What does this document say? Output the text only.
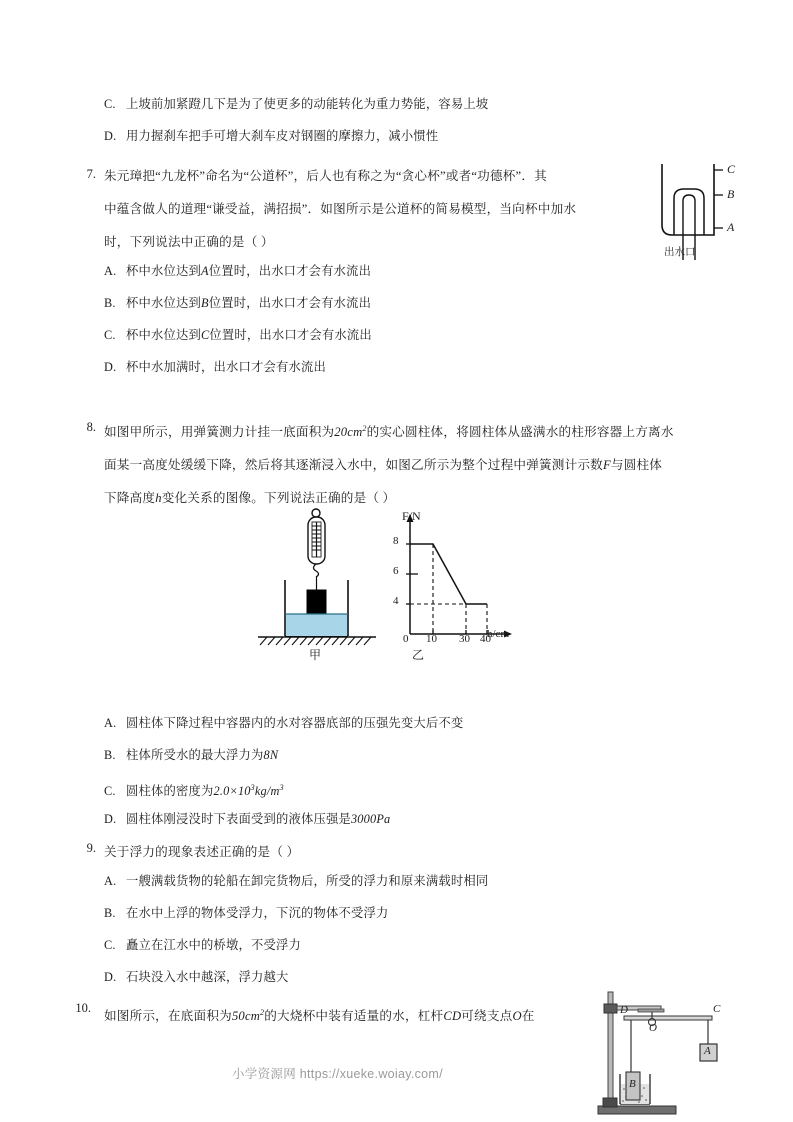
C. 上坡前加紧蹬几下是为了使更多的动能转化为重力势能，容易上坡
D. 用力握刹车把手可增大刹车皮对钢圈的摩擦力，减小惯性
7. 朱元璋把“九龙杯”命名为“公道杯”，后人也有称之为“贪心杯”或者“功德杯”．其
中蕴含做人的道理“谦受益，满招损”．如图所示是公道杯的简易模型，当向杯中加水
时，下列说法中正确的是（ ）
A. 杯中水位达到A位置时，出水口才会有水流出
B. 杯中水位达到B位置时，出水口才会有水流出
C. 杯中水位达到C位置时，出水口才会有水流出
D. 杯中水加满时，出水口才会有水流出
C
B
A
出水口
8. 如图甲所示，用弹簧测力计挂一底面积为$20cm^2$的实心圆柱体，将圆柱体从盛满水的柱形容器上方离水
面某一高度处缓缓下降，然后将其逐渐浸入水中，如图乙所示为整个过程中弹簧测计示数F与圆柱体
下降高度h变化关系的图像。下列说法正确的是（ ）
甲
F/N
h/cm
8
6
4
0 10 30 40
乙
A. 圆柱体下降过程中容器内的水对容器底部的压强先变大后不变
B. 柱体所受水的最大浮力为8N
C. 圆柱体的密度为$2.0\times 10^3kg/m^3$
D. 圆柱体刚浸没时下表面受到的液体压强是3000Pa
9. 关于浮力的现象表述正确的是（ ）
A. 一艘满载货物的轮船在卸完货物后，所受的浮力和原来满载时相同
B. 在水中上浮的物体受浮力，下沉的物体不受浮力
C. 矗立在江水中的桥墩，不受浮力
D. 石块没入水中越深，浮力越大
10.
如图所示，在底面积为$50cm^2$的大烧杯中装有适量的水，杠杆CD可绕支点O在	D
O
C
A
B
小学资源网 https://xueke.woiay.com/
